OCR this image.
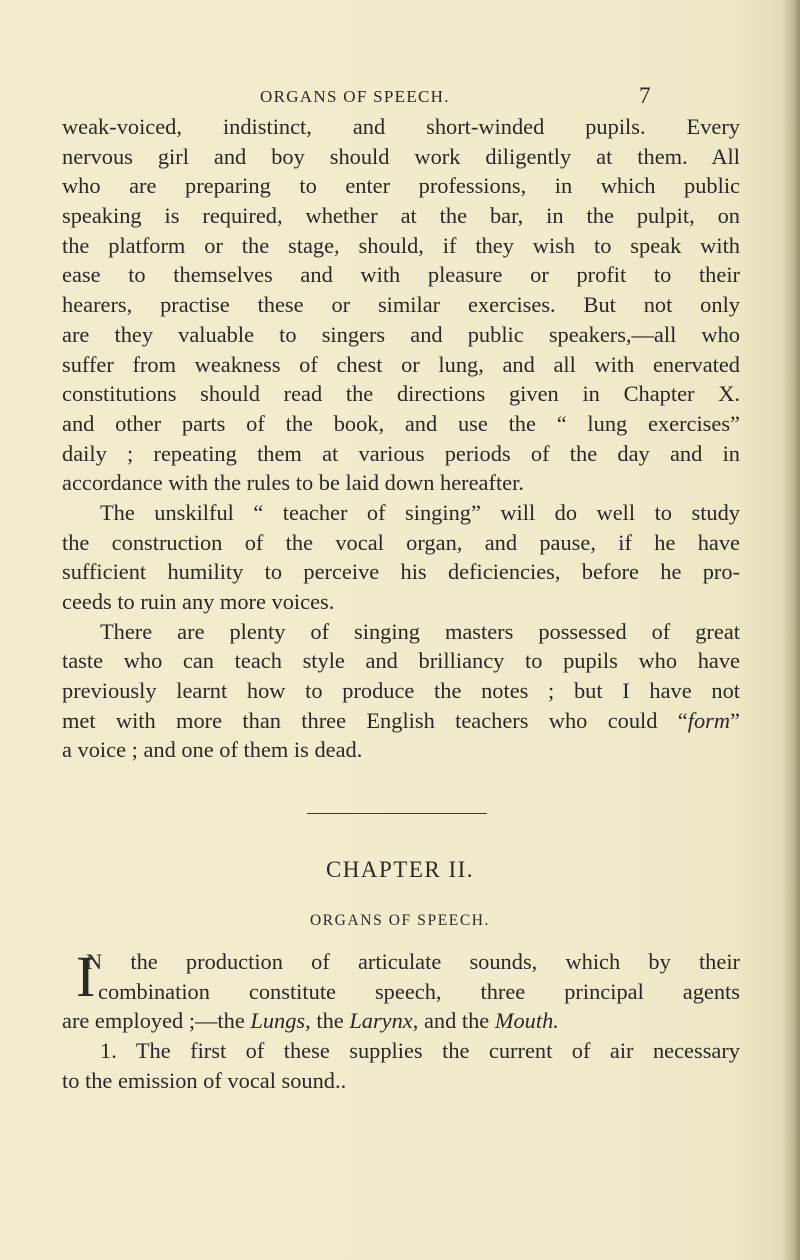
ORGANS OF SPEECH.	7
weak-voiced, indistinct, and short-winded pupils. Every
nervous girl and boy should work diligently at them. All
who are preparing to enter professions, in which public
speaking is required, whether at the bar, in the pulpit, on
the platform or the stage, should, if they wish to speak with
ease to themselves and with pleasure or profit to their
hearers, practise these or similar exercises. But not only
are they valuable to singers and public speakers,—all who
suffer from weakness of chest or lung, and all with enervated
constitutions should read the directions given in Chapter X.
and other parts of the book, and use the “ lung exercises”
daily ; repeating them at various periods of the day and in
accordance with the rules to be laid down hereafter.
The unskilful “ teacher of singing” will do well to study
the construction of the vocal organ, and pause, if he have
sufficient humility to perceive his deficiencies, before he pro-
ceeds to ruin any more voices.
There are plenty of singing masters possessed of great
taste who can teach style and brilliancy to pupils who have
previously learnt how to produce the notes ; but I have not
met with more than three English teachers who could “form”
a voice ; and one of them is dead.
CHAPTER II.
ORGANS OF SPEECH.
I
N the production of articulate sounds, which by their
combination constitute speech, three principal agents
are employed ;—the Lungs, the Larynx, and the Mouth.
1. The first of these supplies the current of air necessary
to the emission of vocal sound..
